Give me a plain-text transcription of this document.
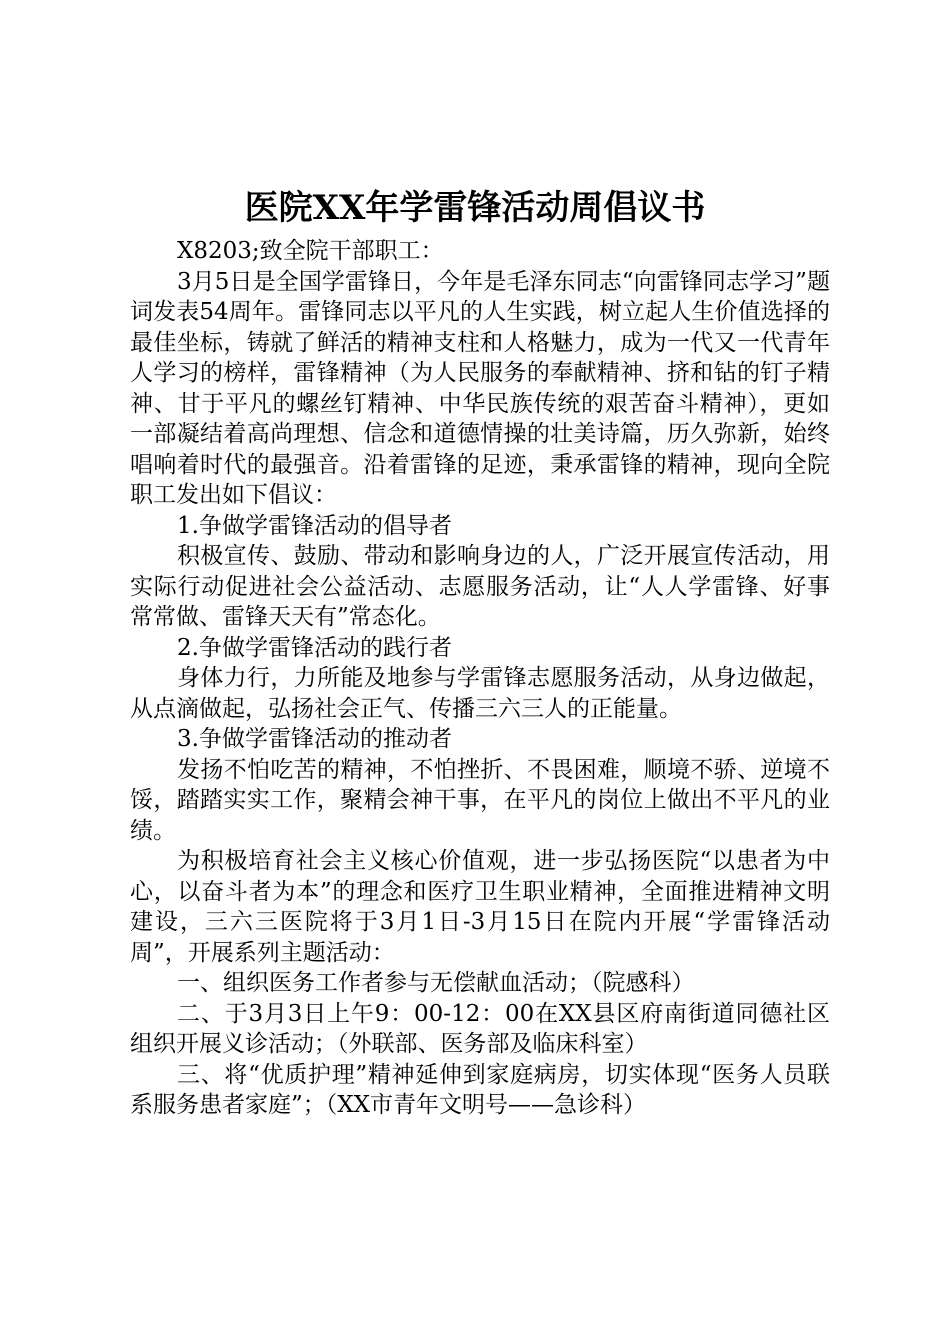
医院XX年学雷锋活动周倡议书

X8203;致全院干部职工：

3月5日是全国学雷锋日，今年是毛泽东同志“向雷锋同志学习”题词发表54周年。雷锋同志以平凡的人生实践，树立起人生价值选择的最佳坐标，铸就了鲜活的精神支柱和人格魅力，成为一代又一代青年人学习的榜样，雷锋精神（为人民服务的奉献精神、挤和钻的钉子精神、甘于平凡的螺丝钉精神、中华民族传统的艰苦奋斗精神），更如一部凝结着高尚理想、信念和道德情操的壮美诗篇，历久弥新，始终唱响着时代的最强音。沿着雷锋的足迹，秉承雷锋的精神，现向全院职工发出如下倡议：

1.争做学雷锋活动的倡导者

积极宣传、鼓励、带动和影响身边的人，广泛开展宣传活动，用实际行动促进社会公益活动、志愿服务活动，让“人人学雷锋、好事常常做、雷锋天天有”常态化。

2.争做学雷锋活动的践行者

身体力行，力所能及地参与学雷锋志愿服务活动，从身边做起，从点滴做起，弘扬社会正气、传播三六三人的正能量。

3.争做学雷锋活动的推动者

发扬不怕吃苦的精神，不怕挫折、不畏困难，顺境不骄、逆境不馁，踏踏实实工作，聚精会神干事，在平凡的岗位上做出不平凡的业绩。

为积极培育社会主义核心价值观，进一步弘扬医院“以患者为中心，以奋斗者为本”的理念和医疗卫生职业精神，全面推进精神文明建设，三六三医院将于3月1日-3月15日在院内开展“学雷锋活动周”，开展系列主题活动：

一、组织医务工作者参与无偿献血活动；（院感科）

二、于3月3日上午9：00-12：00在XX县区府南街道同德社区组织开展义诊活动；（外联部、医务部及临床科室）

三、将“优质护理”精神延伸到家庭病房，切实体现“医务人员联系服务患者家庭”；（XX市青年文明号——急诊科）
